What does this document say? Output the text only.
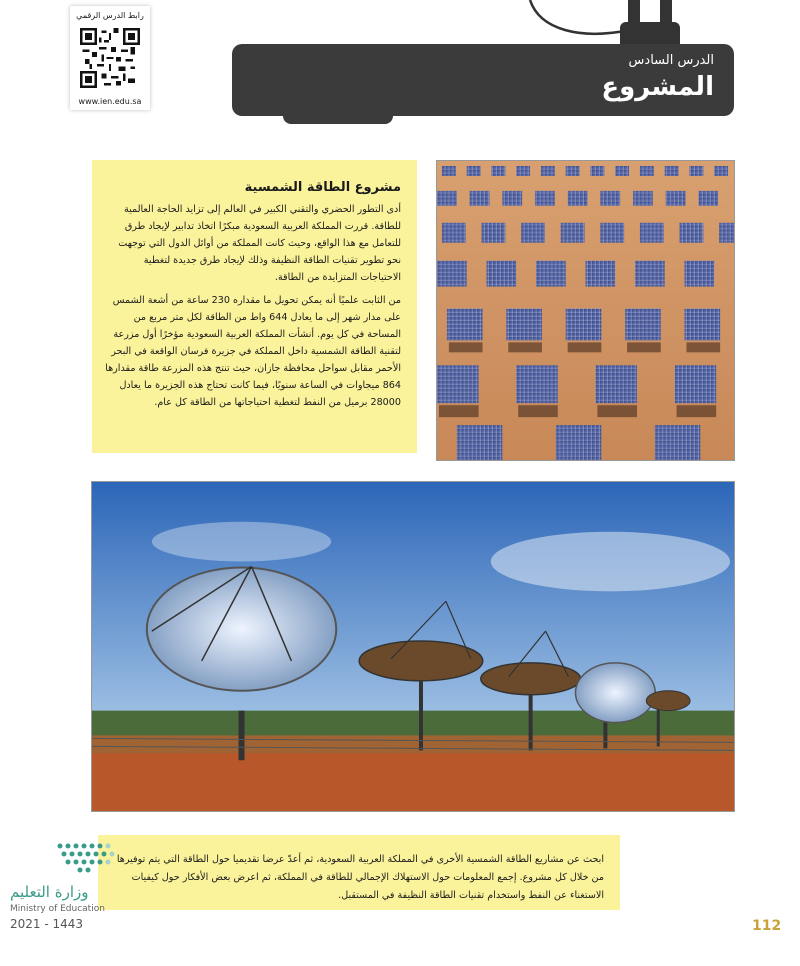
رابط الدرس الرقمي
www.ien.edu.sa
الدرس السادس
المشروع
مشروع الطاقة الشمسية

أدى التطور الحضري والتقني الكبير في العالم إلى تزايد الحاجة العالمية للطاقة. قررت المملكة العربية السعودية مبكرًا اتخاذ تدابير لإيجاد طرق للتعامل مع هذا الواقع، وحيث كانت المملكة من أوائل الدول التي توجهت نحو تطوير تقنيات الطاقة النظيفة وذلك لإيجاد طرق جديدة لتغطية الاحتياجات المتزايدة من الطاقة.

من الثابت علميًا أنه يمكن تحويل ما مقداره 230 ساعة من أشعة الشمس على مدار شهر إلى ما يعادل 644 واط من الطاقة لكل متر مربع من المساحة في كل يوم. أنشأت المملكة العربية السعودية مؤخرًا أول مزرعة لتقنية الطاقة الشمسية داخل المملكة في جزيرة فرسان الواقعة في البحر الأحمر مقابل سواحل محافظة جازان، حيث تنتج هذه المزرعة طاقة مقدارها 864 ميجاوات في الساعة سنويًا، فيما كانت تحتاج هذه الجزيرة ما يعادل 28000 برميل من النفط لتغطية احتياجاتها من الطاقة كل عام.

ابحث عن مشاريع الطاقة الشمسية الأخرى في المملكة العربية السعودية، ثم أعدّ عرضا تقديميا حول الطاقة التي يتم توفيرها من خلال كل مشروع. إجمع المعلومات حول الاستهلاك الإجمالي للطاقة في المملكة، ثم اعرض بعض الأفكار حول كيفيات الاستغناء عن النفط واستخدام تقنيات الطاقة النظيفة في المستقبل.
وزارة التعليم
Ministry of Education
2021 - 1443	112
